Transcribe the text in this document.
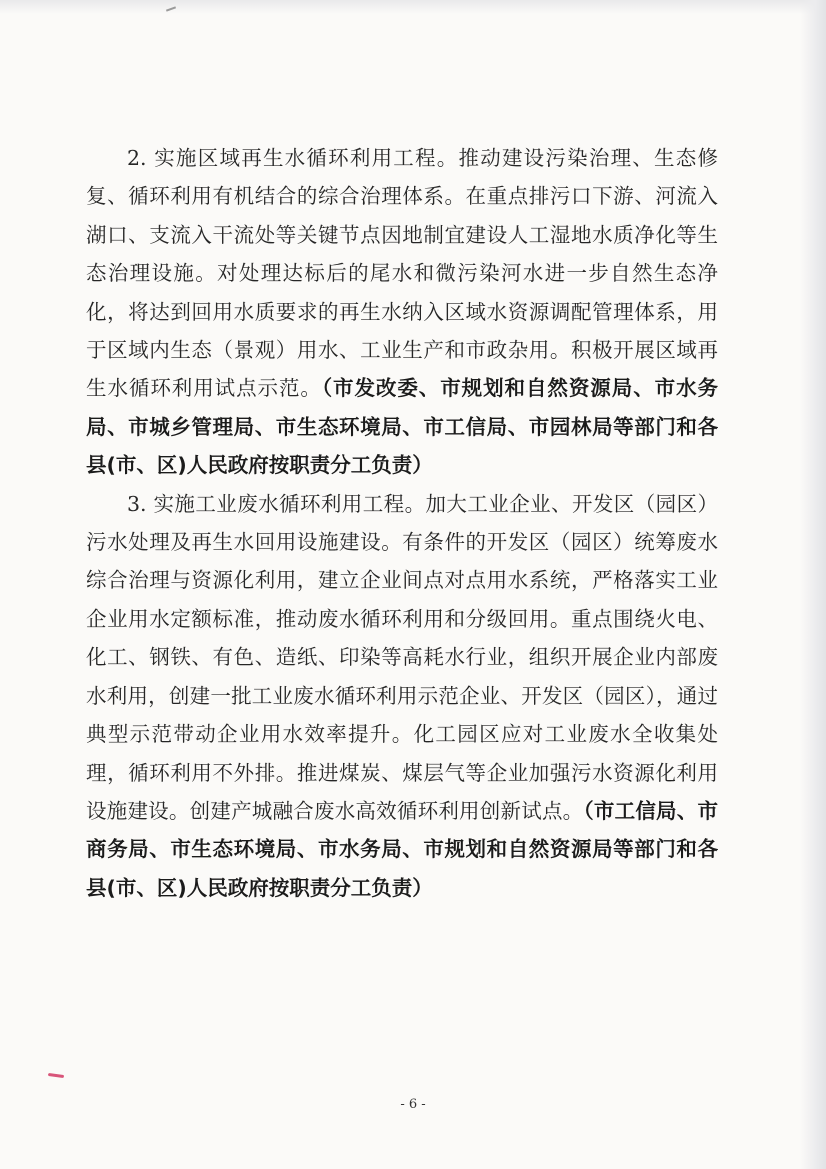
2. 实施区域再生水循环利用工程。推动建设污染治理、生态修复、循环利用有机结合的综合治理体系。在重点排污口下游、河流入湖口、支流入干流处等关键节点因地制宜建设人工湿地水质净化等生态治理设施。对处理达标后的尾水和微污染河水进一步自然生态净化，将达到回用水质要求的再生水纳入区域水资源调配管理体系，用于区域内生态（景观）用水、工业生产和市政杂用。积极开展区域再生水循环利用试点示范。（市发改委、市规划和自然资源局、市水务局、市城乡管理局、市生态环境局、市工信局、市园林局等部门和各县(市、区)人民政府按职责分工负责）

3. 实施工业废水循环利用工程。加大工业企业、开发区（园区）污水处理及再生水回用设施建设。有条件的开发区（园区）统筹废水综合治理与资源化利用，建立企业间点对点用水系统，严格落实工业企业用水定额标准，推动废水循环利用和分级回用。重点围绕火电、化工、钢铁、有色、造纸、印染等高耗水行业，组织开展企业内部废水利用，创建一批工业废水循环利用示范企业、开发区（园区），通过典型示范带动企业用水效率提升。化工园区应对工业废水全收集处理，循环利用不外排。推进煤炭、煤层气等企业加强污水资源化利用设施建设。创建产城融合废水高效循环利用创新试点。（市工信局、市商务局、市生态环境局、市水务局、市规划和自然资源局等部门和各县(市、区)人民政府按职责分工负责）

- 6 -
